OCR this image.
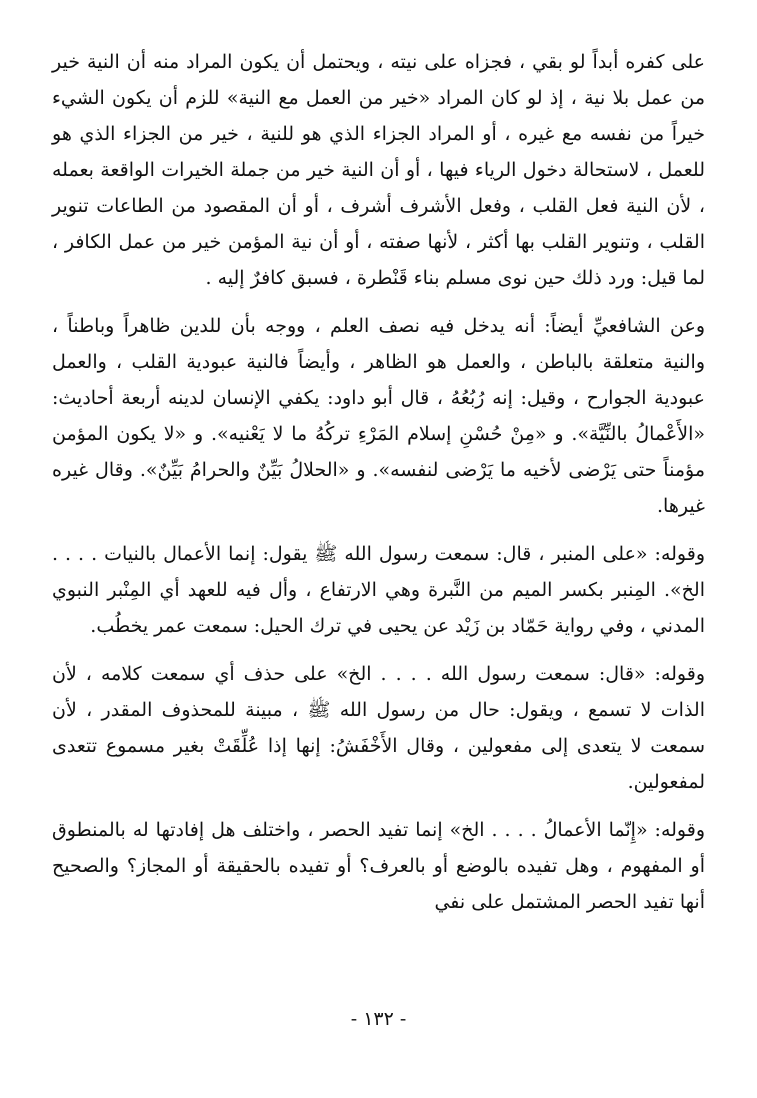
على كفره أبداً لو بقي ، فجزاه على نيته ، ويحتمل أن يكون المراد منه أن النية خير من عمل بلا نية ، إذ لو كان المراد «خير من العمل مع النية» للزم أن يكون الشيء خيراً من نفسه مع غيره ، أو المراد الجزاء الذي هو للنية ، خير من الجزاء الذي هو للعمل ، لاستحالة دخول الرياء فيها ، أو أن النية خير من جملة الخيرات الواقعة بعمله ، لأن النية فعل القلب ، وفعل الأشرف أشرف ، أو أن المقصود من الطاعات تنوير القلب ، وتنوير القلب بها أكثر ، لأنها صفته ، أو أن نية المؤمن خير من عمل الكافر ، لما قيل: ورد ذلك حين نوى مسلم بناء قَنْطرة ، فسبق كافرٌ إليه .

وعن الشافعيِّ أيضاً: أنه يدخل فيه نصف العلم ، ووجه بأن للدين ظاهراً وباطناً ، والنية متعلقة بالباطن ، والعمل هو الظاهر ، وأيضاً فالنية عبودية القلب ، والعمل عبودية الجوارح ، وقيل: إنه رُبُعُهُ ، قال أبو داود: يكفي الإنسان لدينه أربعة أحاديث: «الأَعْمالُ بالنِّيَّة». و «مِنْ حُسْنِ إسلام المَرْءِ تركُهُ ما لا يَعْنيه». و «لا يكون المؤمن مؤمناً حتى يَرْضى لأخيه ما يَرْضى لنفسه». و «الحلالُ بَيِّنٌ والحرامُ بَيِّنٌ». وقال غيره غيرها.

وقوله: «على المنبر ، قال: سمعت رسول الله ﷺ يقول: إنما الأعمال بالنيات . . . . الخ». المِنبر بكسر الميم من النَّبرة وهي الارتفاع ، وأل فيه للعهد أي المِنْبر النبوي المدني ، وفي رواية حَمّاد بن زَيْد عن يحيى في ترك الحيل: سمعت عمر يخطُب.

وقوله: «قال: سمعت رسول الله . . . . الخ» على حذف أي سمعت كلامه ، لأن الذات لا تسمع ، ويقول: حال من رسول الله ﷺ ، مبينة للمحذوف المقدر ، لأن سمعت لا يتعدى إلى مفعولين ، وقال الأَخْفَشُ: إنها إذا عُلِّقَتْ بغير مسموع تتعدى لمفعولين.

وقوله: «إِنّما الأعمالُ . . . . الخ» إنما تفيد الحصر ، واختلف هل إفادتها له بالمنطوق أو المفهوم ، وهل تفيده بالوضع أو بالعرف؟ أو تفيده بالحقيقة أو المجاز؟ والصحيح أنها تفيد الحصر المشتمل على نفي

- ١٣٢ -
